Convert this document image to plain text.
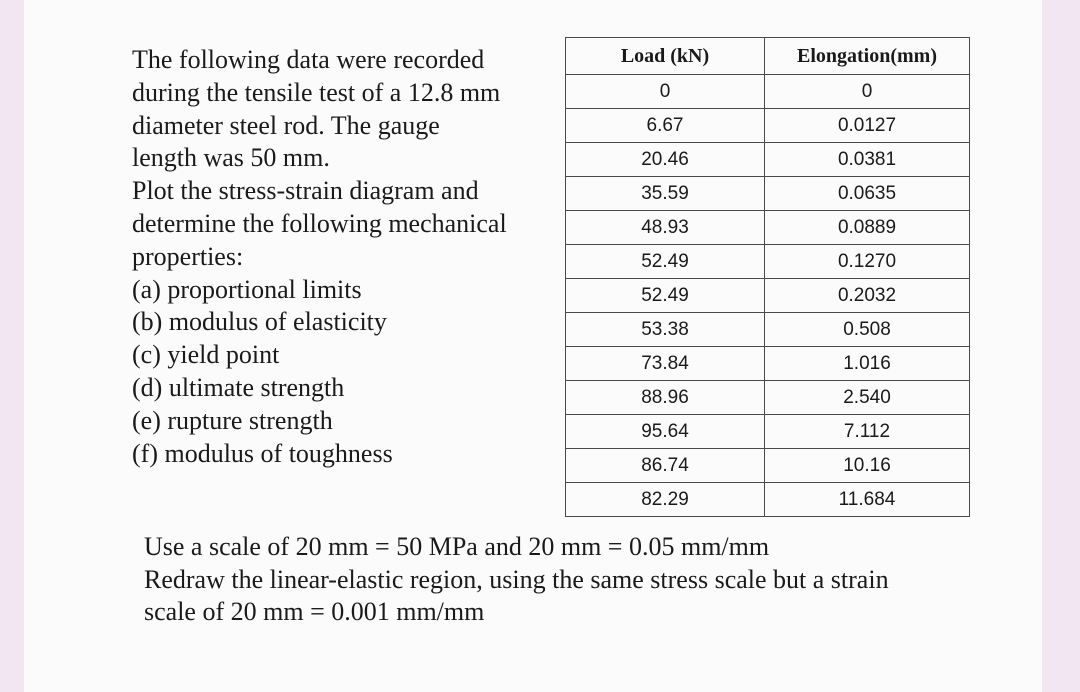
The following data were recorded
during the tensile test of a 12.8 mm
diameter steel rod. The gauge
length was 50 mm.
Plot the stress-strain diagram and
determine the following mechanical
properties:
(a) proportional limits
(b) modulus of elasticity
(c) yield point
(d) ultimate strength
(e) rupture strength
(f) modulus of toughness
Load (kN)	Elongation(mm)
0	0
6.67	0.0127
20.46	0.0381
35.59	0.0635
48.93	0.0889
52.49	0.1270
52.49	0.2032
53.38	0.508
73.84	1.016
88.96	2.540
95.64	7.112
86.74	10.16
82.29	11.684
Use a scale of 20 mm = 50 MPa and 20 mm = 0.05 mm/mm
Redraw the linear-elastic region, using the same stress scale but a strain
scale of 20 mm = 0.001 mm/mm
